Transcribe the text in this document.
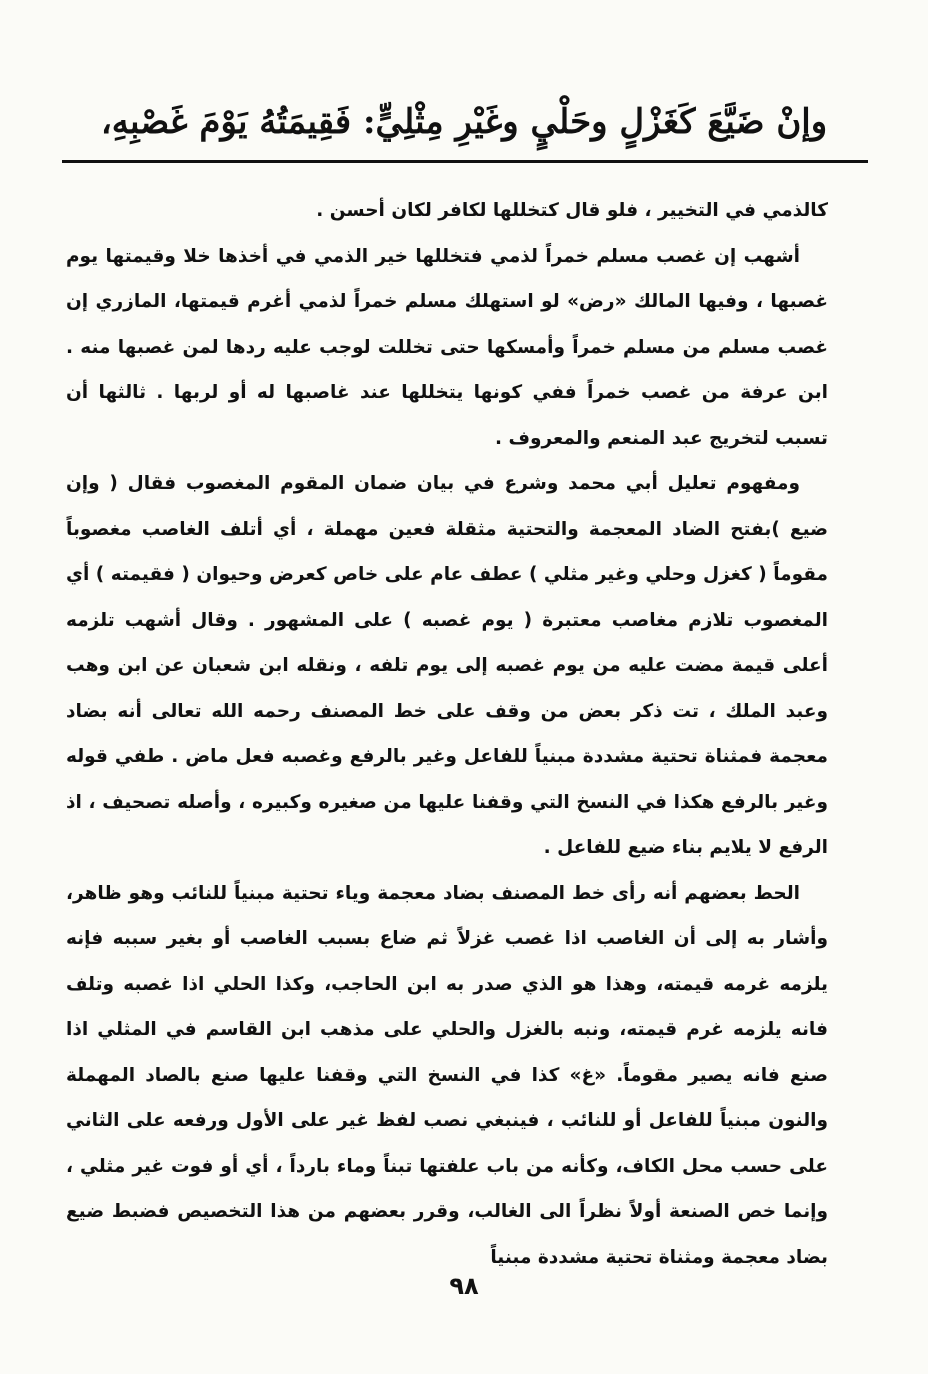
وإنْ ضَيَّعَ كَغَزْلٍ وحَلْيٍ وغَيْرِ مِثْلِيٍّ: فَقِيمَتُهُ يَوْمَ غَصْبِهِ،

كالذمي في التخيير ، فلو قال كتخللها لكافر لكان أحسن .

أشهب إن غصب مسلم خمراً لذمي فتخللها خير الذمي في أخذها خلا وقيمتها يوم غصبها ، وفيها المالك «رض» لو استهلك مسلم خمراً لذمي أغرم قيمتها، المازري إن غصب مسلم من مسلم خمراً وأمسكها حتى تخللت لوجب عليه ردها لمن غصبها منه . ابن عرفة من غصب خمراً ففي كونها يتخللها عند غاصبها له أو لربها . ثالثها أن تسبب لتخريج عبد المنعم والمعروف .

ومفهوم تعليل أبي محمد وشرع في بيان ضمان المقوم المغصوب فقال ( وإن ضيع )بفتح الضاد المعجمة والتحتية مثقلة فعين مهملة ، أي أتلف الغاصب مغصوباً مقوماً ( كغزل وحلي وغير مثلي ) عطف عام على خاص كعرض وحيوان ( فقيمته ) أي المغصوب تلازم مغاصب معتبرة ( يوم غصبه ) على المشهور . وقال أشهب تلزمه أعلى قيمة مضت عليه من يوم غصبه إلى يوم تلفه ، ونقله ابن شعبان عن ابن وهب وعبد الملك ، تت ذكر بعض من وقف على خط المصنف رحمه الله تعالى أنه بضاد معجمة فمثناة تحتية مشددة مبنياً للفاعل وغير بالرفع وغصبه فعل ماض . طفي قوله وغير بالرفع هكذا في النسخ التي وقفنا عليها من صغيره وكبيره ، وأصله تصحيف ، اذ الرفع لا يلايم بناء ضيع للفاعل .

الحط بعضهم أنه رأى خط المصنف بضاد معجمة وياء تحتية مبنياً للنائب وهو ظاهر، وأشار به إلى أن الغاصب اذا غصب غزلاً ثم ضاع بسبب الغاصب أو بغير سببه فإنه يلزمه غرمه قيمته، وهذا هو الذي صدر به ابن الحاجب، وكذا الحلي اذا غصبه وتلف فانه يلزمه غرم قيمته، ونبه بالغزل والحلي على مذهب ابن القاسم في المثلي اذا صنع فانه يصير مقوماً. «غ» كذا في النسخ التي وقفنا عليها صنع بالصاد المهملة والنون مبنياً للفاعل أو للنائب ، فينبغي نصب لفظ غير على الأول ورفعه على الثاني على حسب محل الكاف، وكأنه من باب علفتها تبناً وماء بارداً ، أي أو فوت غير مثلي ، وإنما خص الصنعة أولاً نظراً الى الغالب، وقرر بعضهم من هذا التخصيص فضبط ضيع بضاد معجمة ومثناة تحتية مشددة مبنياً

٩٨
